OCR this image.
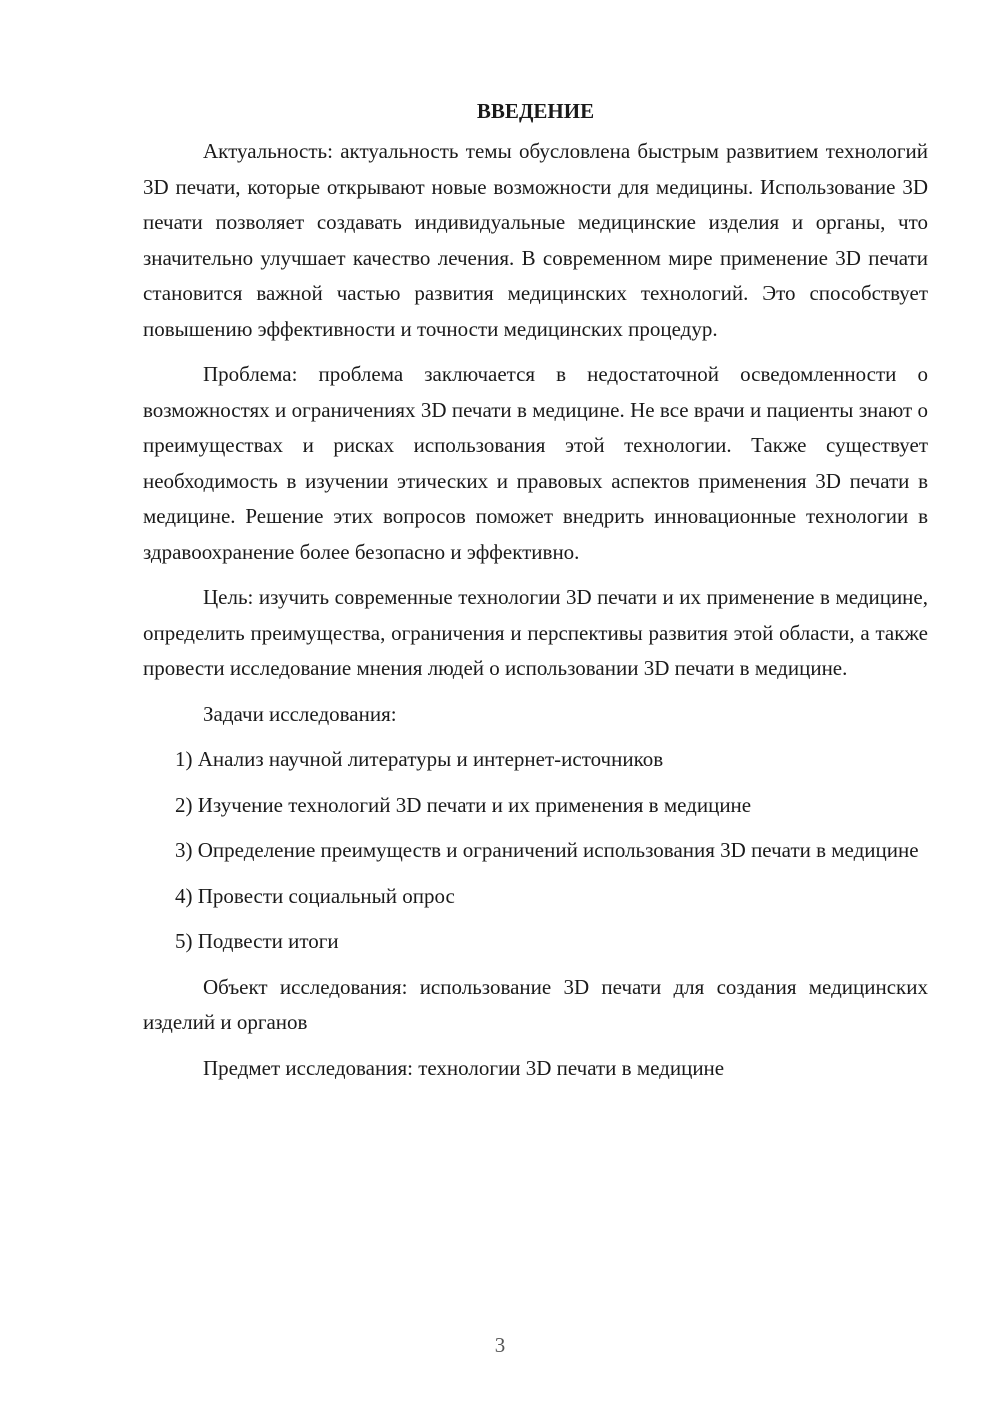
ВВЕДЕНИЕ

Актуальность: актуальность темы обусловлена быстрым развитием технологий 3D печати, которые открывают новые возможности для медицины. Использование 3D печати позволяет создавать индивидуальные медицинские изделия и органы, что значительно улучшает качество лечения. В современном мире применение 3D печати становится важной частью развития медицинских технологий. Это способствует повышению эффективности и точности медицинских процедур.

Проблема: проблема заключается в недостаточной осведомленности о возможностях и ограничениях 3D печати в медицине. Не все врачи и пациенты знают о преимуществах и рисках использования этой технологии. Также существует необходимость в изучении этических и правовых аспектов применения 3D печати в медицине. Решение этих вопросов поможет внедрить инновационные технологии в здравоохранение более безопасно и эффективно.

Цель: изучить современные технологии 3D печати и их применение в медицине, определить преимущества, ограничения и перспективы развития этой области, а также провести исследование мнения людей о использовании 3D печати в медицине.

Задачи исследования:

1) Анализ научной литературы и интернет-источников

2) Изучение технологий 3D печати и их применения в медицине

3) Определение преимуществ и ограничений использования 3D печати в медицине

4) Провести социальный опрос

5) Подвести итоги

Объект исследования: использование 3D печати для создания медицинских изделий и органов

Предмет исследования: технологии 3D печати в медицине

3
